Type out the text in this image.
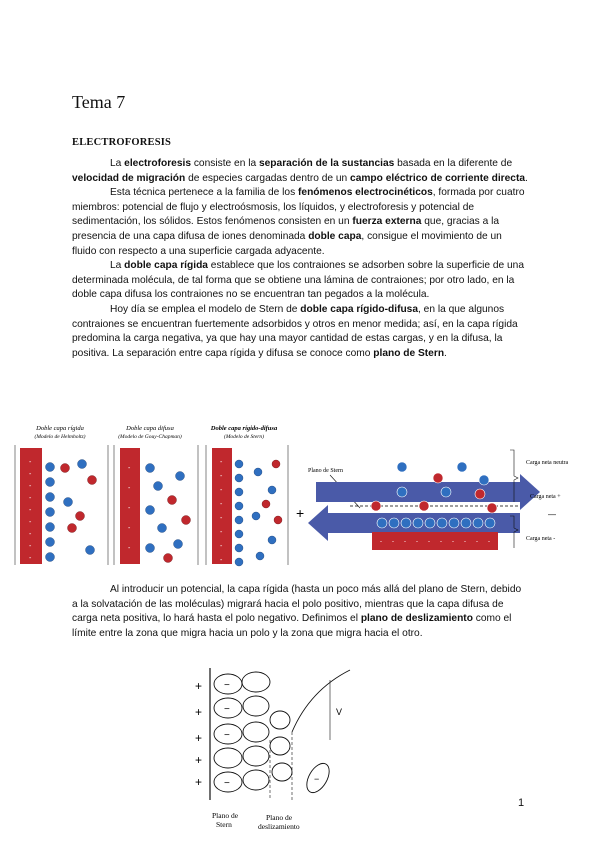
Tema 7
ELECTROFORESIS

La electroforesis consiste en la separación de la sustancias basada en la diferente de velocidad de migración de especies cargadas dentro de un campo eléctrico de corriente directa.

Esta técnica pertenece a la familia de los fenómenos electrocinéticos, formada por cuatro miembros: potencial de flujo y electroósmosis, los líquidos, y electroforesis y potencial de sedimentación, los sólidos. Estos fenómenos consisten en un fuerza externa que, gracias a la presencia de una capa difusa de iones denominada doble capa, consigue el movimiento de un fluido con respecto a una superficie cargada adyacente.

La doble capa rígida establece que los contraiones se adsorben sobre la superficie de una determinada molécula, de tal forma que se obtiene una lámina de contraiones; por otro lado, en la doble capa difusa los contraiones no se encuentran tan pegados a la molécula.

Hoy día se emplea el modelo de Stern de doble capa rígido-difusa, en la que algunos contraiones se encuentran fuertemente adsorbidos y otros en menor medida; así, en la capa rígida predomina la carga negativa, ya que hay una mayor cantidad de estas cargas, y en la difusa, la positiva. La separación entre capa rígida y difusa se conoce como plano de Stern.

Doble capa rígida
(Modelo de Helmholtz)
Doble capa difusa
(Modelo de Gouy-Chapman)
Doble capa rígido-difusa
(Modelo de Stern)
-
-
-
-
-
-
-
-
-
-
-
-
-
-
-
-
-
-
-
-
-
-
+
Plano de Stern
- - - - - - - - - -
Carga neta neutra
Carga neta +
—
Carga neta -

Al introducir un potencial, la capa rígida (hasta un poco más allá del plano de Stern, debido a la solvatación de las moléculas) migrará hacia el polo positivo, mientras que la capa difusa de carga neta positiva, lo hará hasta el polo negativo. Definimos el plano de deslizamiento como el límite entre la zona que migra hacia un polo y la zona que migra hacia el otro.

+
+
+
+
+
−
−
−
−
V
−
Plano de
Stern
Plano de
deslizamiento
1
